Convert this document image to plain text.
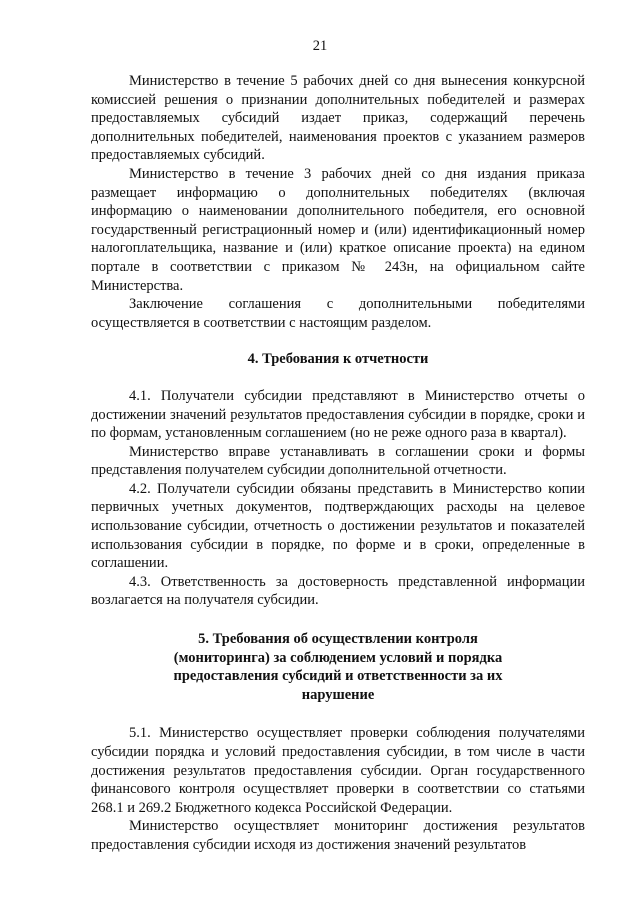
21

Министерство в течение 5 рабочих дней со дня вынесения конкурсной комиссией решения о признании дополнительных победителей и размерах предоставляемых субсидий издает приказ, содержащий перечень дополнительных победителей, наименования проектов с указанием размеров предоставляемых субсидий.

Министерство в течение 3 рабочих дней со дня издания приказа размещает информацию о дополнительных победителях (включая информацию о наименовании дополнительного победителя, его основной государственный регистрационный номер и (или) идентификационный номер налогоплательщика, название и (или) краткое описание проекта) на едином портале в соответствии с приказом № 243н, на официальном сайте Министерства.

Заключение соглашения с дополнительными победителями осуществляется в соответствии с настоящим разделом.

4. Требования к отчетности

4.1. Получатели субсидии представляют в Министерство отчеты о достижении значений результатов предоставления субсидии в порядке, сроки и по формам, установленным соглашением (но не реже одного раза в квартал).

Министерство вправе устанавливать в соглашении сроки и формы представления получателем субсидии дополнительной отчетности.

4.2. Получатели субсидии обязаны представить в Министерство копии первичных учетных документов, подтверждающих расходы на целевое использование субсидии, отчетность о достижении результатов и показателей использования субсидии в порядке, по форме и в сроки, определенные в соглашении.

4.3. Ответственность за достоверность представленной информации возлагается на получателя субсидии.

5. Требования об осуществлении контроля
(мониторинга) за соблюдением условий и порядка
предоставления субсидий и ответственности за их
нарушение

5.1. Министерство осуществляет проверки соблюдения получателями субсидии порядка и условий предоставления субсидии, в том числе в части достижения результатов предоставления субсидии. Орган государственного финансового контроля осуществляет проверки в соответствии со статьями 268.1 и 269.2 Бюджетного кодекса Российской Федерации.

Министерство осуществляет мониторинг достижения результатов предоставления субсидии исходя из достижения значений результатов
